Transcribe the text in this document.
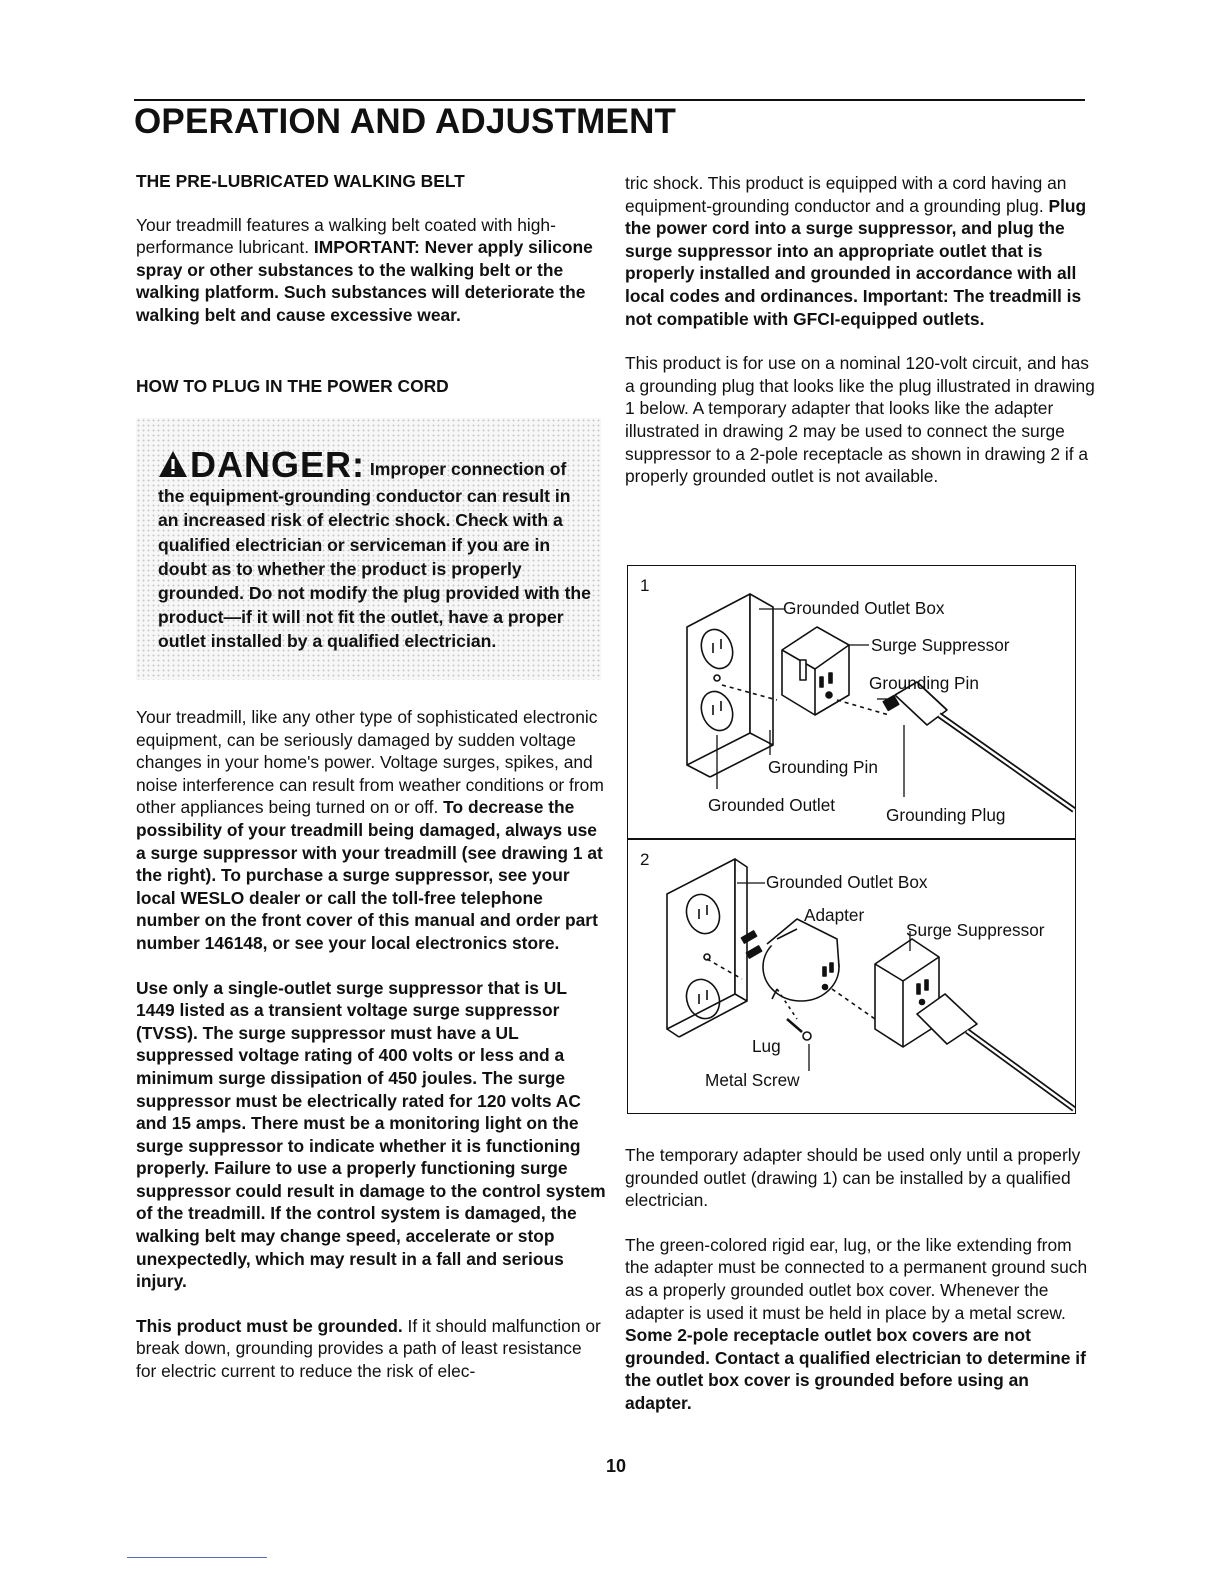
OPERATION AND ADJUSTMENT

THE PRE-LUBRICATED WALKING BELT

Your treadmill features a walking belt coated with high-performance lubricant. IMPORTANT: Never apply silicone spray or other substances to the walking belt or the walking platform. Such substances will deteriorate the walking belt and cause excessive wear.

HOW TO PLUG IN THE POWER CORD

DANGER: Improper connection of the equipment-grounding conductor can result in an increased risk of electric shock. Check with a qualified electrician or serviceman if you are in doubt as to whether the product is properly grounded. Do not modify the plug provided with the product—if it will not fit the outlet, have a proper outlet installed by a qualified electrician.

Your treadmill, like any other type of sophisticated electronic equipment, can be seriously damaged by sudden voltage changes in your home's power. Voltage surges, spikes, and noise interference can result from weather conditions or from other appliances being turned on or off. To decrease the possibility of your treadmill being damaged, always use a surge suppressor with your treadmill (see drawing 1 at the right). To purchase a surge suppressor, see your local WESLO dealer or call the toll-free telephone number on the front cover of this manual and order part number 146148, or see your local electronics store.

Use only a single-outlet surge suppressor that is UL 1449 listed as a transient voltage surge suppressor (TVSS). The surge suppressor must have a UL suppressed voltage rating of 400 volts or less and a minimum surge dissipation of 450 joules. The surge suppressor must be electrically rated for 120 volts AC and 15 amps. There must be a monitoring light on the surge suppressor to indicate whether it is functioning properly. Failure to use a properly functioning surge suppressor could result in damage to the control system of the treadmill. If the control system is damaged, the walking belt may change speed, accelerate or stop unexpectedly, which may result in a fall and serious injury.

This product must be grounded. If it should malfunction or break down, grounding provides a path of least resistance for electric current to reduce the risk of elec-

tric shock. This product is equipped with a cord having an equipment-grounding conductor and a grounding plug. Plug the power cord into a surge suppressor, and plug the surge suppressor into an appropriate outlet that is properly installed and grounded in accordance with all local codes and ordinances. Important: The treadmill is not compatible with GFCI-equipped outlets.

This product is for use on a nominal 120-volt circuit, and has a grounding plug that looks like the plug illustrated in drawing 1 below. A temporary adapter that looks like the adapter illustrated in drawing 2 may be used to connect the surge suppressor to a 2-pole receptacle as shown in drawing 2 if a properly grounded outlet is not available.

1
2
Grounded Outlet Box
Surge Suppressor
Grounding Pin
Grounding Pin
Grounded Outlet	Grounding Plug
Grounded Outlet Box
Adapter
Surge Suppressor
Lug
Metal Screw

The temporary adapter should be used only until a properly grounded outlet (drawing 1) can be installed by a qualified electrician.

The green-colored rigid ear, lug, or the like extending from the adapter must be connected to a permanent ground such as a properly grounded outlet box cover. Whenever the adapter is used it must be held in place by a metal screw. Some 2-pole receptacle outlet box covers are not grounded. Contact a qualified electrician to determine if the outlet box cover is grounded before using an adapter.

10
